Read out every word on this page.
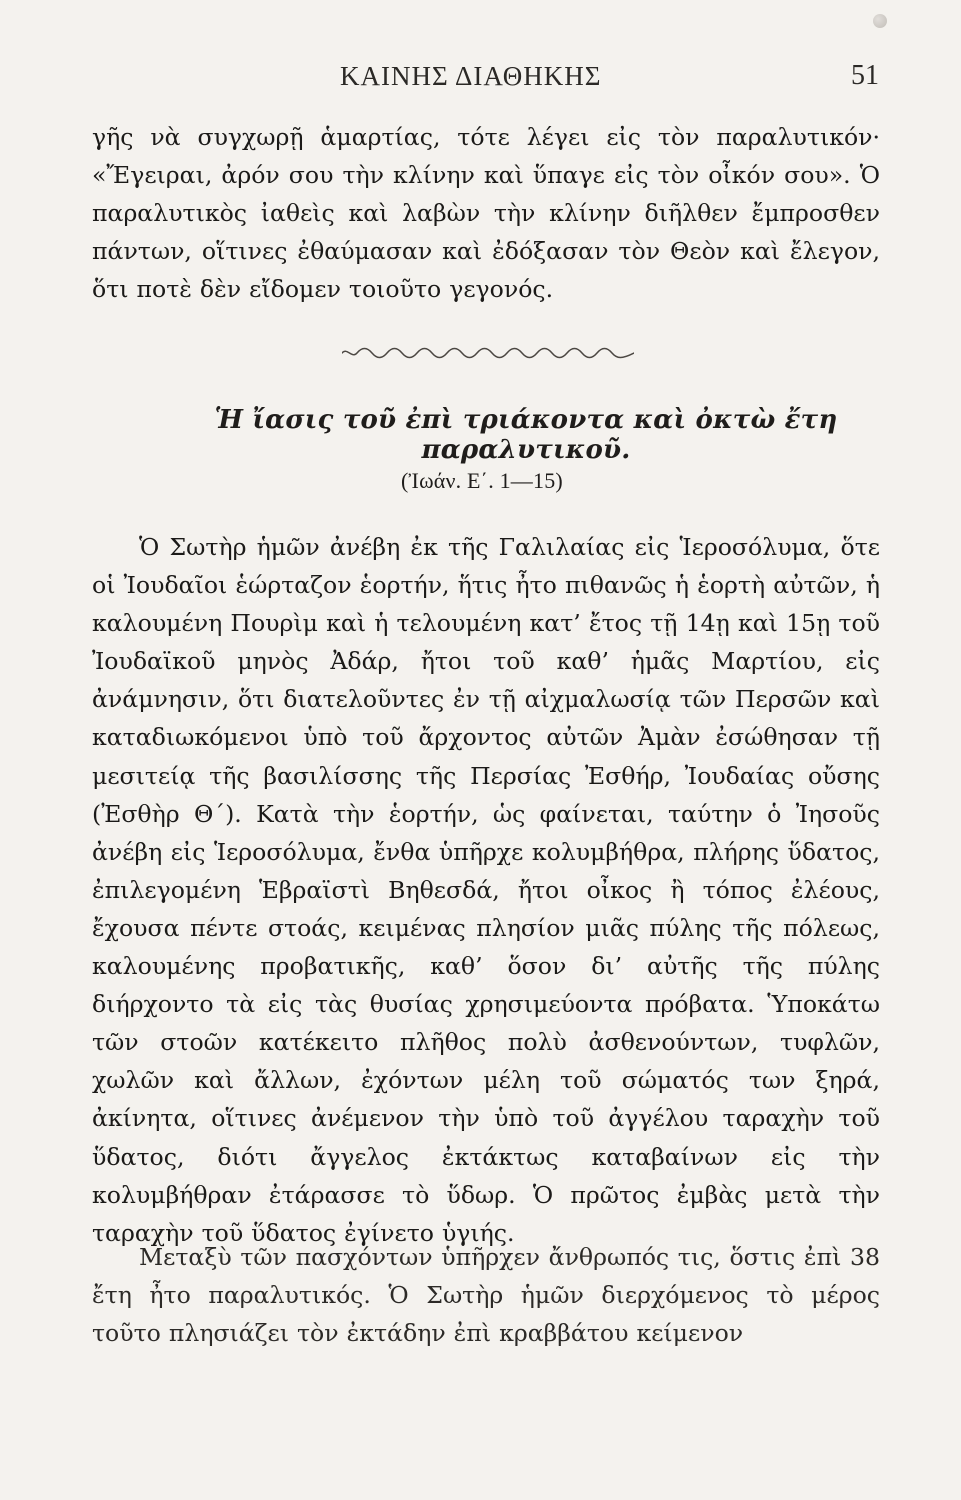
ΚΑΙΝΗΣ ΔΙΑΘΗΚΗΣ	51

γῆς νὰ συγχωρῇ ἁμαρτίας, τότε λέγει εἰς τὸν παραλυτικόν· «Ἔγειραι, ἀρόν σου τὴν κλίνην καὶ ὕπαγε εἰς τὸν οἶκόν σου». Ὁ παραλυτικὸς ἰαθεὶς καὶ λαβὼν τὴν κλίνην διῆλθεν ἔμπροσθεν πάντων, οἵτινες ἐθαύμασαν καὶ ἐδόξασαν τὸν Θεὸν καὶ ἔλεγον, ὅτι ποτὲ δὲν εἴδομεν τοιοῦτο γεγονός.

Ἡ ἴασις τοῦ ἐπὶ τριάκοντα καὶ ὀκτὼ ἔτη παραλυτικοῦ.
(Ἰωάν. Ε΄. 1—15)

Ὁ Σωτὴρ ἡμῶν ἀνέβη ἐκ τῆς Γαλιλαίας εἰς Ἱεροσόλυμα, ὅτε οἱ Ἰουδαῖοι ἑώρταζον ἑορτήν, ἥτις ἦτο πιθανῶς ἡ ἑορτὴ αὐτῶν, ἡ καλουμένη Πουρὶμ καὶ ἡ τελουμένη κατ’ ἔτος τῇ 14ῃ καὶ 15ῃ τοῦ Ἰουδαϊκοῦ μηνὸς Ἀδάρ, ἤτοι τοῦ καθ’ ἡμᾶς Μαρτίου, εἰς ἀνάμνησιν, ὅτι διατελοῦντες ἐν τῇ αἰχμαλωσίᾳ τῶν Περσῶν καὶ καταδιωκόμενοι ὑπὸ τοῦ ἄρχοντος αὐτῶν Ἀμὰν ἐσώθησαν τῇ μεσιτείᾳ τῆς βασιλίσσης τῆς Περσίας Ἐσθήρ, Ἰουδαίας οὔσης (Ἐσθὴρ Θ΄). Κατὰ τὴν ἑορτήν, ὡς φαίνεται, ταύτην ὁ Ἰησοῦς ἀνέβη εἰς Ἱεροσόλυμα, ἔνθα ὑπῆρχε κολυμβήθρα, πλήρης ὕδατος, ἐπιλεγομένη Ἑβραϊστὶ Βηθεσδά, ἤτοι οἶκος ἢ τόπος ἐλέους, ἔχουσα πέντε στοάς, κειμένας πλησίον μιᾶς πύλης τῆς πόλεως, καλουμένης προβατικῆς, καθ’ ὅσον δι’ αὐτῆς τῆς πύλης διήρχοντο τὰ εἰς τὰς θυσίας χρησιμεύοντα πρόβατα. Ὑποκάτω τῶν στοῶν κατέκειτο πλῆθος πολὺ ἀσθενούντων, τυφλῶν, χωλῶν καὶ ἄλλων, ἐχόντων μέλη τοῦ σώματός των ξηρά, ἀκίνητα, οἵτινες ἀνέμενον τὴν ὑπὸ τοῦ ἀγγέλου ταραχὴν τοῦ ὕδατος, διότι ἄγγελος ἐκτάκτως καταβαίνων εἰς τὴν κολυμβήθραν ἐτάρασσε τὸ ὕδωρ. Ὁ πρῶτος ἐμβὰς μετὰ τὴν ταραχὴν τοῦ ὕδατος ἐγίνετο ὑγιής.

Μεταξὺ τῶν πασχόντων ὑπῆρχεν ἄνθρωπός τις, ὅστις ἐπὶ 38 ἔτη ἦτο παραλυτικός. Ὁ Σωτὴρ ἡμῶν διερχόμενος τὸ μέρος τοῦτο πλησιάζει τὸν ἐκτάδην ἐπὶ κραββάτου κείμενον
